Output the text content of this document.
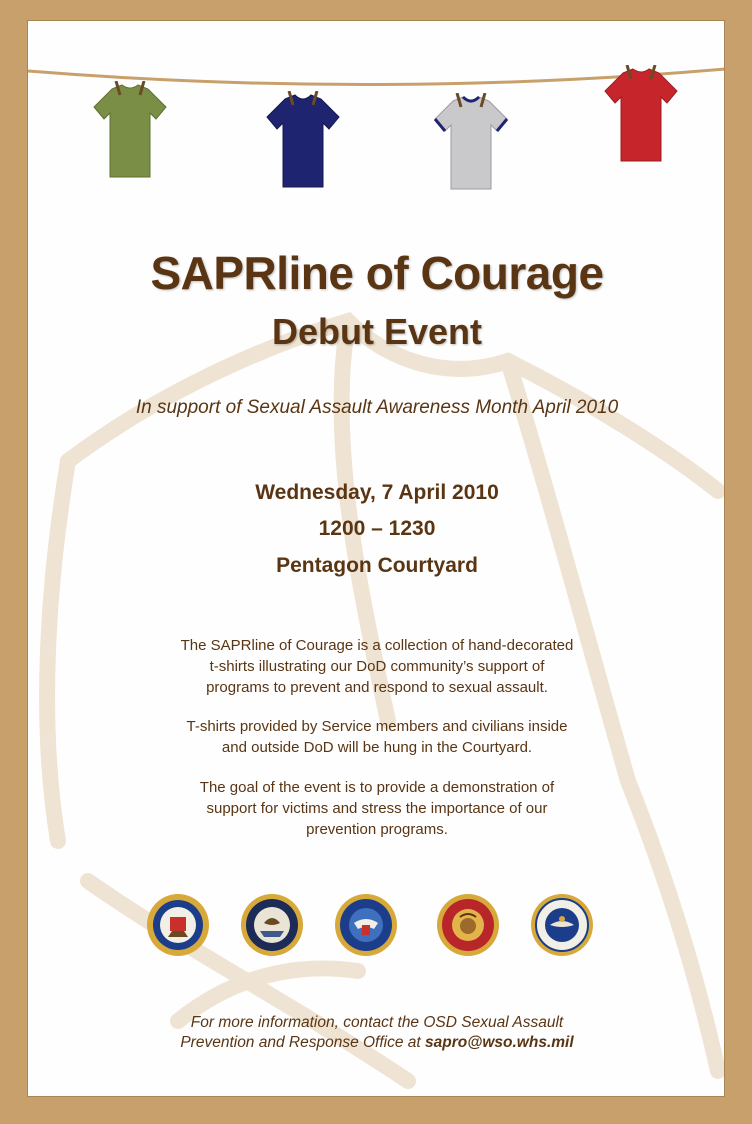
SAPRline of Courage
Debut Event
In support of Sexual Assault Awareness Month April 2010
Wednesday, 7 April 2010
1200 – 1230
Pentagon Courtyard
The SAPRline of Courage is a collection of hand-decorated
t-shirts illustrating our DoD community’s support of
programs to prevent and respond to sexual assault.
T-shirts provided by Service members and civilians inside
and outside DoD will be hung in the Courtyard.
The goal of the event is to provide a demonstration of
support for victims and stress the importance of our
prevention programs.
For more information, contact the OSD Sexual Assault
Prevention and Response Office at sapro@wso.whs.mil
